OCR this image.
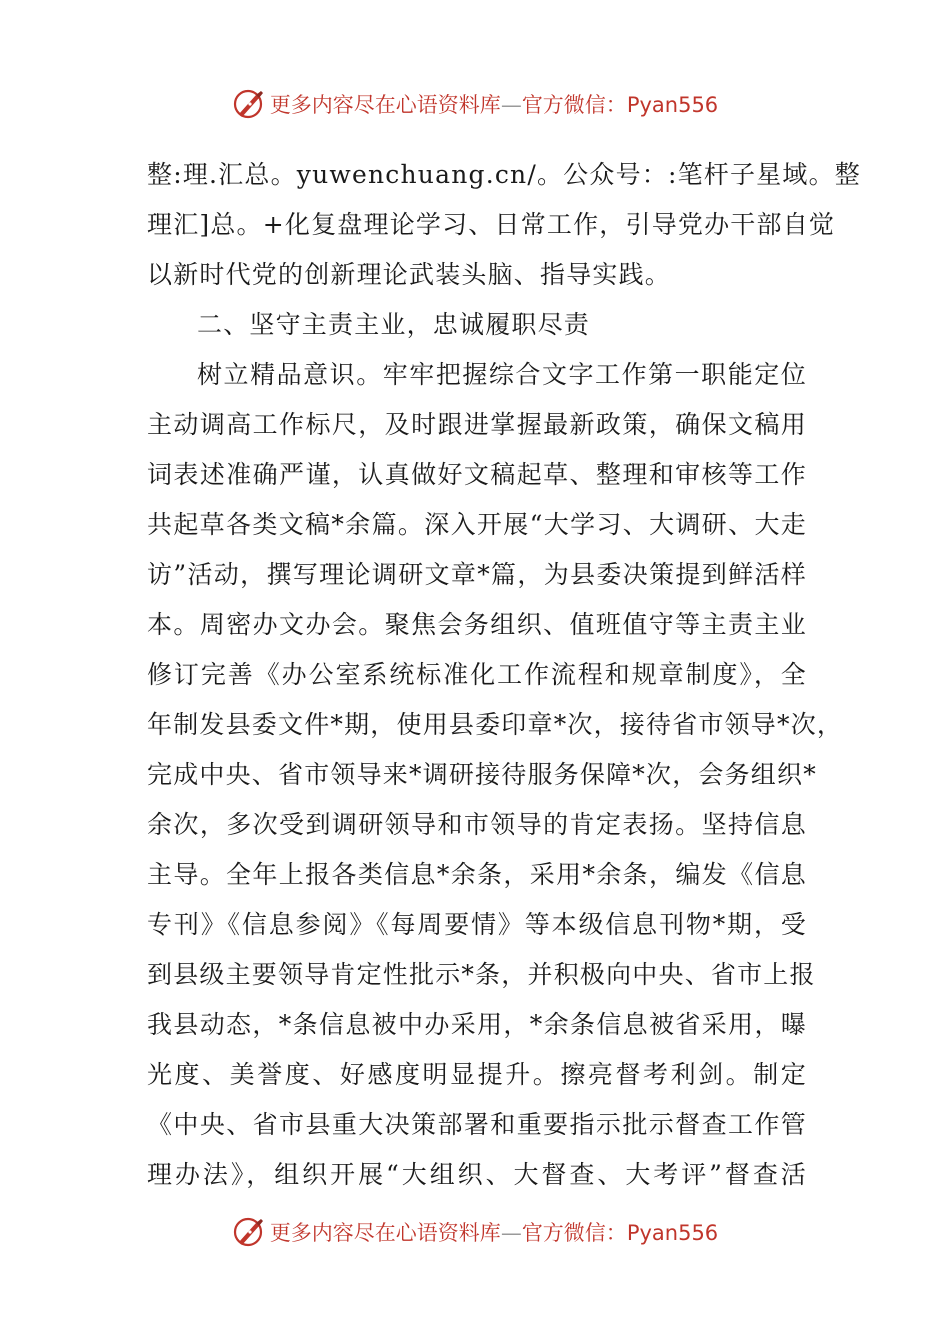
更多内容尽在心语资料库—官方微信：Pyan556
整:理.汇总。yuwenchuang.cn/。公众号：:笔杆子星域。整
理汇]总。+化复盘理论学习、日常工作，引导党办干部自觉
以新时代党的创新理论武装头脑、指导实践。
二、坚守主责主业，忠诚履职尽责
树立精品意识。牢牢把握综合文字工作第一职能定位
主动调高工作标尺，及时跟进掌握最新政策，确保文稿用
词表述准确严谨，认真做好文稿起草、整理和审核等工作
共起草各类文稿*余篇。深入开展“大学习、大调研、大走
访”活动，撰写理论调研文章*篇，为县委决策提到鲜活样
本。周密办文办会。聚焦会务组织、值班值守等主责主业
修订完善《办公室系统标准化工作流程和规章制度》，全
年制发县委文件*期，使用县委印章*次，接待省市领导*次，
完成中央、省市领导来*调研接待服务保障*次，会务组织*
余次，多次受到调研领导和市领导的肯定表扬。坚持信息
主导。全年上报各类信息*余条，采用*余条，编发《信息
专刊》《信息参阅》《每周要情》等本级信息刊物*期，受
到县级主要领导肯定性批示*条，并积极向中央、省市上报
我县动态，*条信息被中办采用，*余条信息被省采用，曝
光度、美誉度、好感度明显提升。擦亮督考利剑。制定
《中央、省市县重大决策部署和重要指示批示督查工作管
理办法》，组织开展“大组织、大督查、大考评”督查活
更多内容尽在心语资料库—官方微信：Pyan556
